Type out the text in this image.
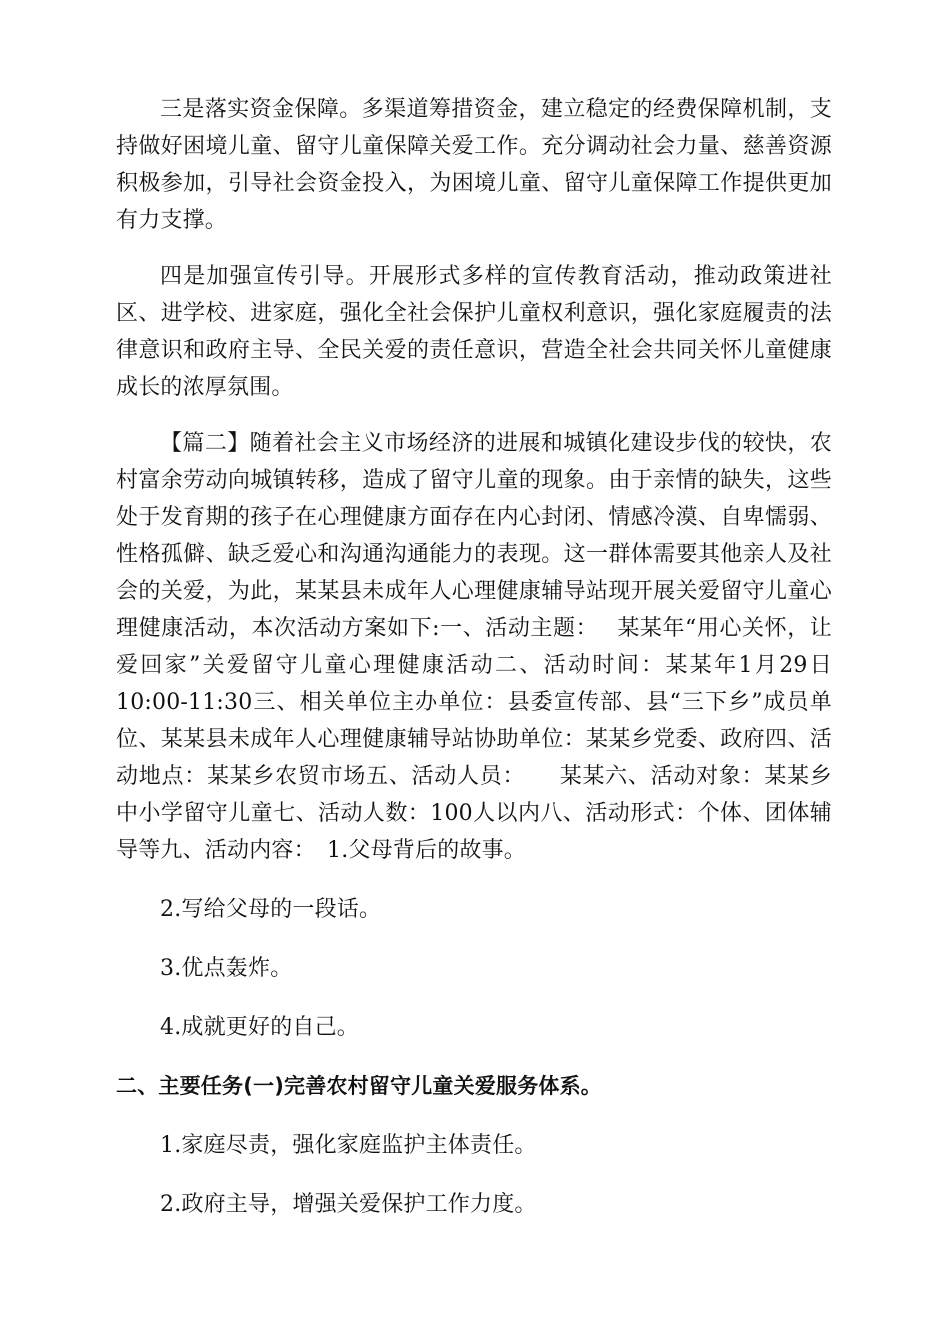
三是落实资金保障。多渠道筹措资金，建立稳定的经费保障机制，支持做好困境儿童、留守儿童保障关爱工作。充分调动社会力量、慈善资源积极参加，引导社会资金投入，为困境儿童、留守儿童保障工作提供更加有力支撑。

四是加强宣传引导。开展形式多样的宣传教育活动，推动政策进社区、进学校、进家庭，强化全社会保护儿童权利意识，强化家庭履责的法律意识和政府主导、全民关爱的责任意识，营造全社会共同关怀儿童健康成长的浓厚氛围。

【篇二】随着社会主义市场经济的进展和城镇化建设步伐的较快，农村富余劳动向城镇转移，造成了留守儿童的现象。由于亲情的缺失，这些处于发育期的孩子在心理健康方面存在内心封闭、情感冷漠、自卑懦弱、性格孤僻、缺乏爱心和沟通沟通能力的表现。这一群体需要其他亲人及社会的关爱，为此，某某县未成年人心理健康辅导站现开展关爱留守儿童心理健康活动，本次活动方案如下:一、活动主题：　 某某年“用心关怀，让爱回家”关爱留守儿童心理健康活动二、活动时间：某某年1月29日10:00-11:30三、相关单位主办单位：县委宣传部、县“三下乡”成员单位、某某县未成年人心理健康辅导站协助单位：某某乡党委、政府四、活动地点：某某乡农贸市场五、活动人员：　　某某六、活动对象：某某乡中小学留守儿童七、活动人数：100人以内八、活动形式：个体、团体辅导等九、活动内容：　1.父母背后的故事。

2.写给父母的一段话。

3.优点轰炸。

4.成就更好的自己。

二、主要任务(一)完善农村留守儿童关爱服务体系。

1.家庭尽责，强化家庭监护主体责任。

2.政府主导，增强关爱保护工作力度。
